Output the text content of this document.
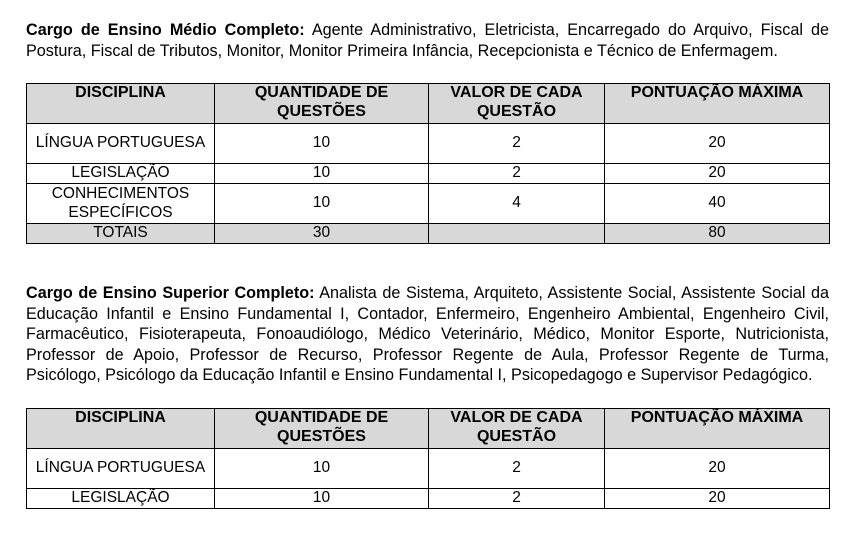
Cargo de Ensino Médio Completo: Agente Administrativo, Eletricista, Encarregado do Arquivo, Fiscal de Postura, Fiscal de Tributos, Monitor, Monitor Primeira Infância, Recepcionista e Técnico de Enfermagem.

DISCIPLINA	QUANTIDADE DE QUESTÕES	VALOR DE CADA QUESTÃO	PONTUAÇÃO MÁXIMA
LÍNGUA PORTUGUESA	10	2	20
LEGISLAÇÃO	10	2	20
CONHECIMENTOS ESPECÍFICOS	10	4	40
TOTAIS	30		80

Cargo de Ensino Superior Completo: Analista de Sistema, Arquiteto, Assistente Social, Assistente Social da Educação Infantil e Ensino Fundamental I, Contador, Enfermeiro, Engenheiro Ambiental, Engenheiro Civil, Farmacêutico, Fisioterapeuta, Fonoaudiólogo, Médico Veterinário, Médico, Monitor Esporte, Nutricionista, Professor de Apoio, Professor de Recurso, Professor Regente de Aula, Professor Regente de Turma, Psicólogo, Psicólogo da Educação Infantil e Ensino Fundamental I, Psicopedagogo e Supervisor Pedagógico.

DISCIPLINA	QUANTIDADE DE QUESTÕES	VALOR DE CADA QUESTÃO	PONTUAÇÃO MÁXIMA
LÍNGUA PORTUGUESA	10	2	20
LEGISLAÇÃO	10	2	20
